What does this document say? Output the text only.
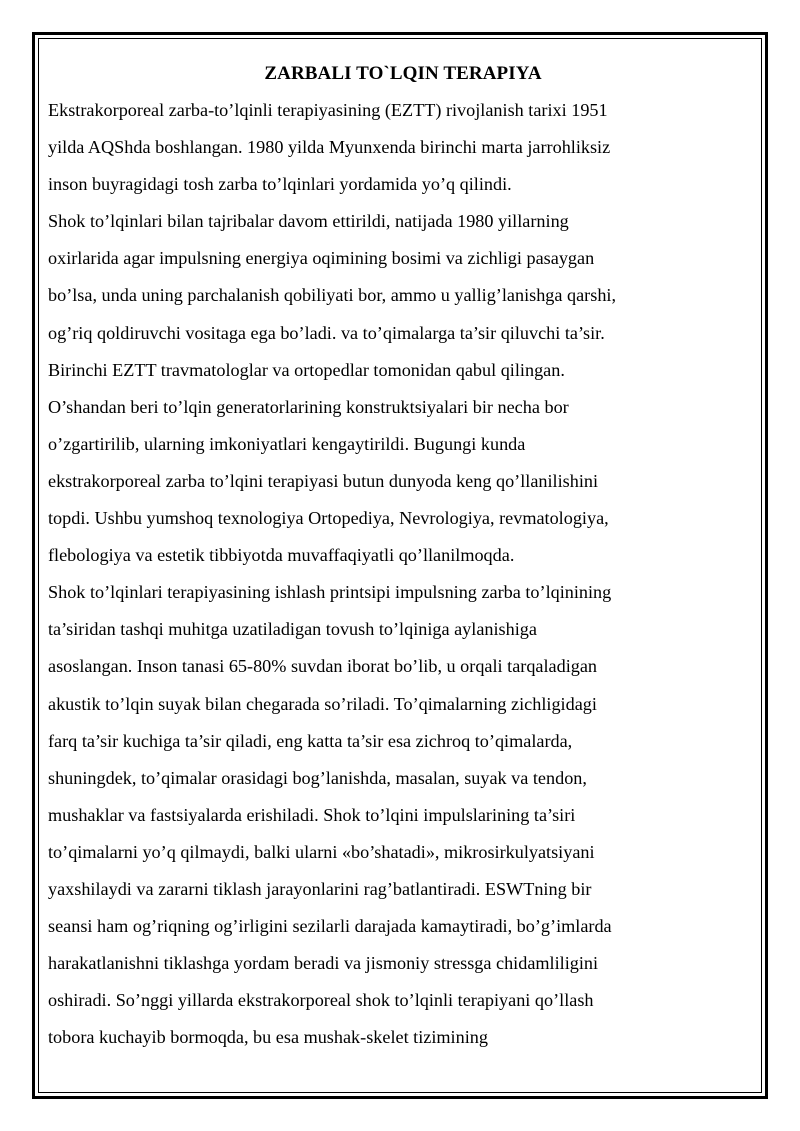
ZARBALI TO`LQIN TERAPIYA

Ekstrakorporeal zarba-to’lqinli terapiyasining (EZTT) rivojlanish tarixi 1951

yilda AQShda boshlangan. 1980 yilda Myunxenda birinchi marta jarrohliksiz

inson buyragidagi tosh zarba to’lqinlari yordamida yo’q qilindi.

Shok to’lqinlari bilan tajribalar davom ettirildi, natijada 1980 yillarning

oxirlarida agar impulsning energiya oqimining bosimi va zichligi pasaygan

bo’lsa, unda uning parchalanish qobiliyati bor, ammo u yallig’lanishga qarshi,

og’riq qoldiruvchi vositaga ega bo’ladi. va to’qimalarga ta’sir qiluvchi ta’sir.

Birinchi EZTT travmatologlar va ortopedlar tomonidan qabul qilingan.

O’shandan beri to’lqin generatorlarining konstruktsiyalari bir necha bor

o’zgartirilib, ularning imkoniyatlari kengaytirildi. Bugungi kunda

ekstrakorporeal zarba to’lqini terapiyasi butun dunyoda keng qo’llanilishini

topdi. Ushbu yumshoq texnologiya Ortopediya, Nevrologiya, revmatologiya,

flebologiya va estetik tibbiyotda muvaffaqiyatli qo’llanilmoqda.

Shok to’lqinlari terapiyasining ishlash printsipi impulsning zarba to’lqinining

ta’siridan tashqi muhitga uzatiladigan tovush to’lqiniga aylanishiga

asoslangan. Inson tanasi 65-80% suvdan iborat bo’lib, u orqali tarqaladigan

akustik to’lqin suyak bilan chegarada so’riladi. To’qimalarning zichligidagi

farq ta’sir kuchiga ta’sir qiladi, eng katta ta’sir esa zichroq to’qimalarda,

shuningdek, to’qimalar orasidagi bog’lanishda, masalan, suyak va tendon,

mushaklar va fastsiyalarda erishiladi. Shok to’lqini impulslarining ta’siri

to’qimalarni yo’q qilmaydi, balki ularni «bo’shatadi», mikrosirkulyatsiyani

yaxshilaydi va zararni tiklash jarayonlarini rag’batlantiradi. ESWTning bir

seansi ham og’riqning og’irligini sezilarli darajada kamaytiradi, bo’g’imlarda

harakatlanishni tiklashga yordam beradi va jismoniy stressga chidamliligini

oshiradi. So’nggi yillarda ekstrakorporeal shok to’lqinli terapiyani qo’llash

tobora kuchayib bormoqda, bu esa mushak-skelet tizimining
